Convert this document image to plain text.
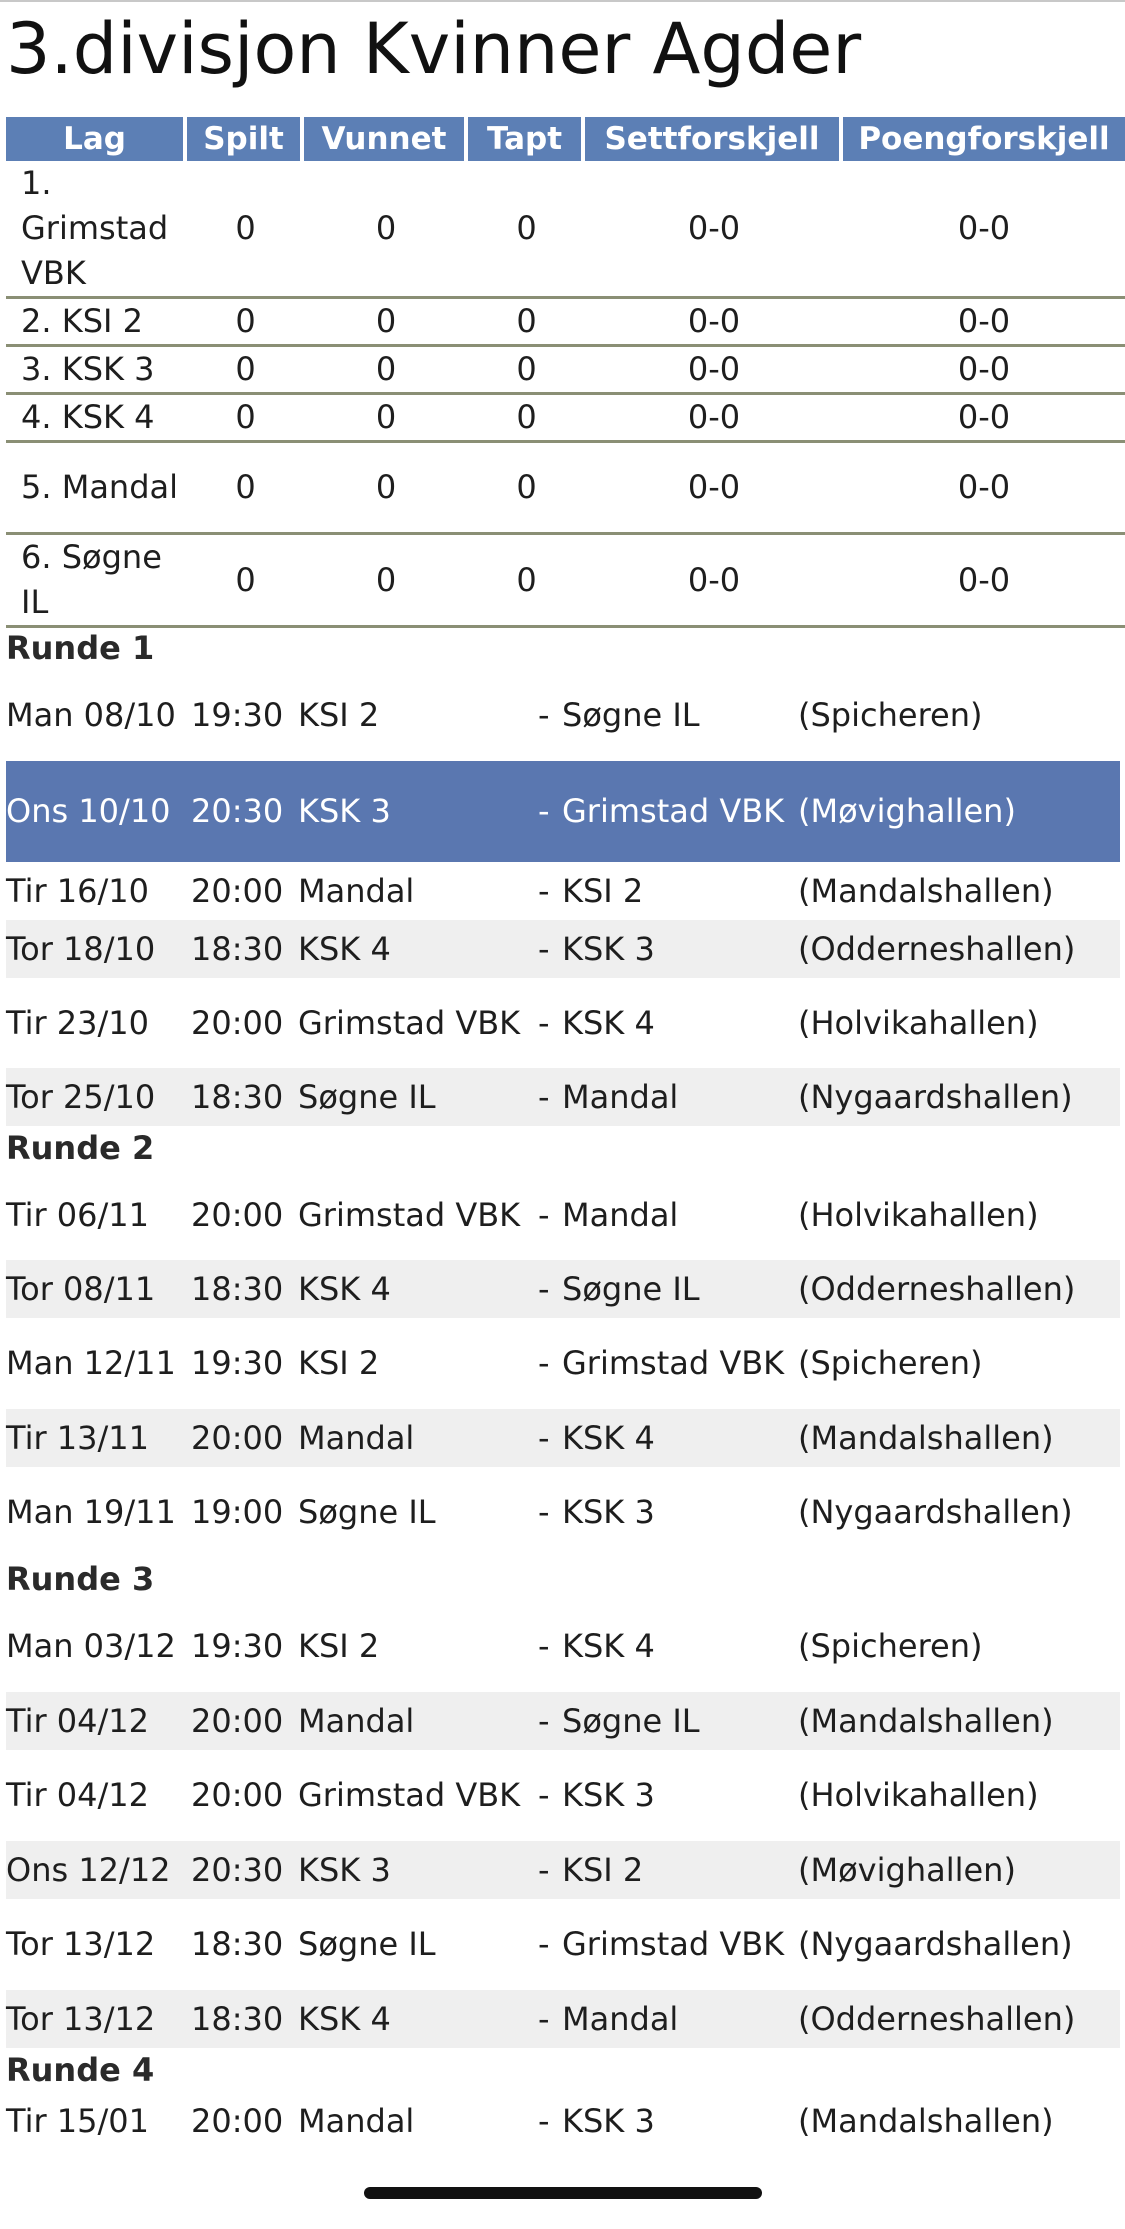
3.divisjon Kvinner Agder
Lag	Spilt	Vunnet	Tapt	Settforskjell	Poengforskjell
1. Grimstad VBK	0	0	0	0-0	0-0
2. KSI 2	0	0	0	0-0	0-0
3. KSK 3	0	0	0	0-0	0-0
4. KSK 4	0	0	0	0-0	0-0
5. Mandal	0	0	0	0-0	0-0
6. Søgne IL	0	0	0	0-0	0-0
Runde 1
Man 08/10 19:30 KSI 2	- Søgne IL	(Spicheren)
Ons 10/10 20:30 KSK 3	- Grimstad VBK (Møvighallen)
Tir 16/10	20:00 Mandal	- KSI 2	(Mandalshallen)
Tor 18/10	18:30 KSK 4	- KSK 3	(Odderneshallen)
Tir 23/10	20:00 Grimstad VBK - KSK 4	(Holvikahallen)
Tor 25/10	18:30 Søgne IL	- Mandal	(Nygaardshallen)
Runde 2
Tir 06/11	20:00 Grimstad VBK - Mandal	(Holvikahallen)
Tor 08/11	18:30 KSK 4	- Søgne IL	(Odderneshallen)
Man 12/11 19:30 KSI 2	- Grimstad VBK (Spicheren)
Tir 13/11	20:00 Mandal	- KSK 4	(Mandalshallen)
Man 19/11 19:00 Søgne IL	- KSK 3	(Nygaardshallen)
Runde 3
Man 03/12 19:30 KSI 2	- KSK 4	(Spicheren)
Tir 04/12	20:00 Mandal	- Søgne IL	(Mandalshallen)
Tir 04/12	20:00 Grimstad VBK - KSK 3	(Holvikahallen)
Ons 12/12 20:30 KSK 3	- KSI 2	(Møvighallen)
Tor 13/12	18:30 Søgne IL	- Grimstad VBK (Nygaardshallen)
Tor 13/12	18:30 KSK 4	- Mandal	(Odderneshallen)
Runde 4
Tir 15/01	20:00 Mandal	- KSK 3	(Mandalshallen)
